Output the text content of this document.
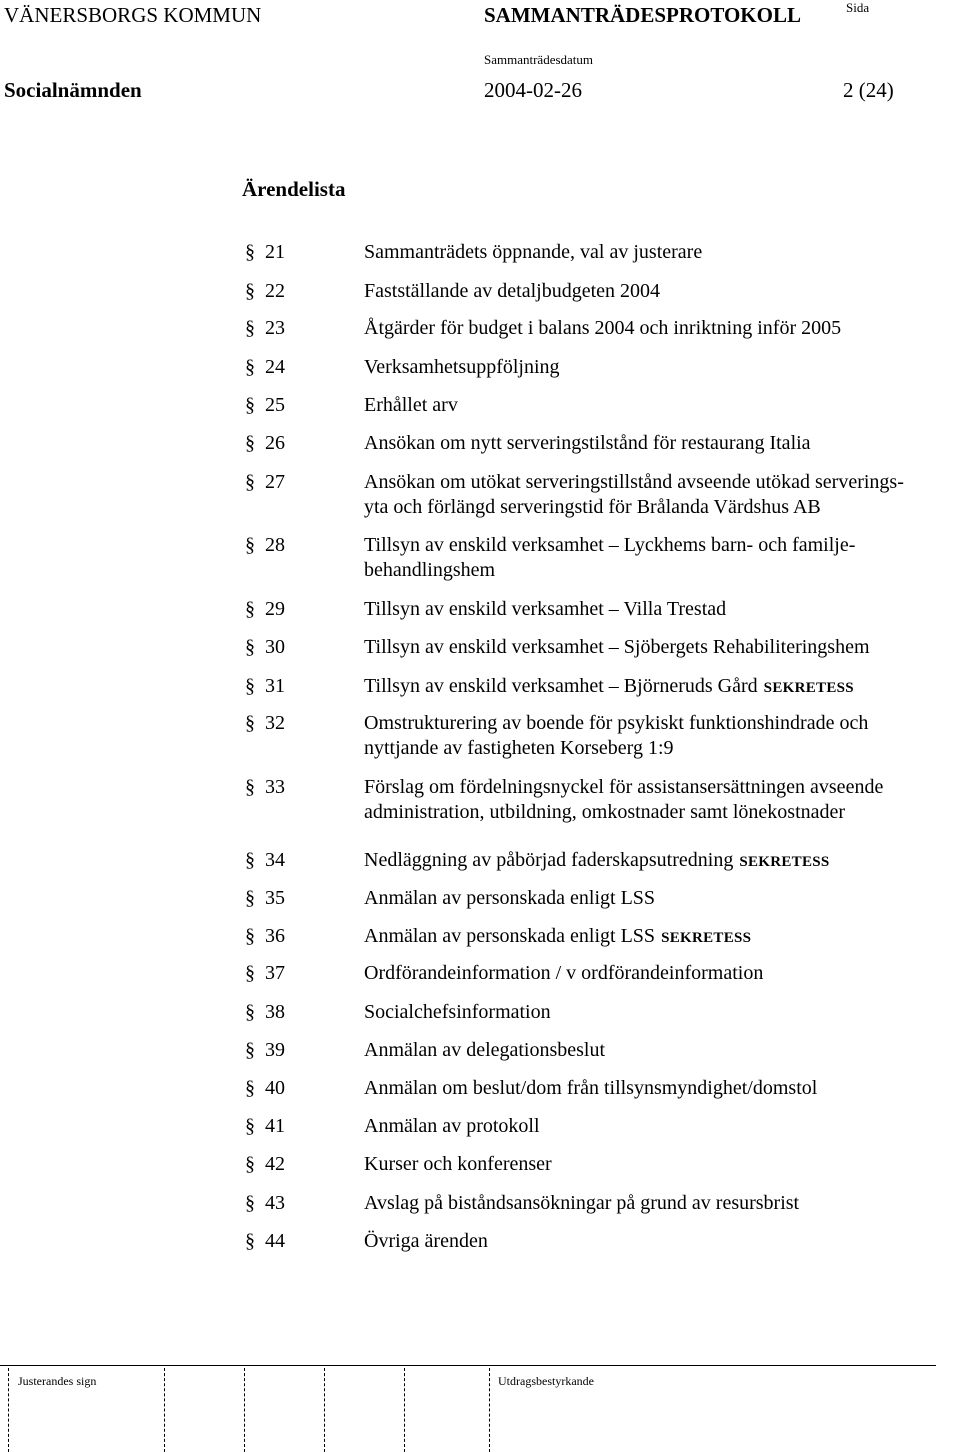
VÄNERSBORGS KOMMUN	SAMMANTRÄDESPROTOKOLL	Sida
Sammanträdesdatum
Socialnämnden	2004-02-26	2 (24)
Ärendelista
§ 21	Sammanträdets öppnande, val av justerare
§ 22	Fastställande av detaljbudgeten 2004
§ 23	Åtgärder för budget i balans 2004 och inriktning inför 2005
§ 24	Verksamhetsuppföljning
§ 25	Erhållet arv
§ 26	Ansökan om nytt serveringstilstånd för restaurang Italia
§ 27	Ansökan om utökat serveringstillstånd avseende utökad serverings-
yta och förlängd serveringstid för Brålanda Värdshus AB
§ 28	Tillsyn av enskild verksamhet – Lyckhems barn- och familje-
behandlingshem
§ 29	Tillsyn av enskild verksamhet – Villa Trestad
§ 30	Tillsyn av enskild verksamhet – Sjöbergets Rehabiliteringshem
§ 31	Tillsyn av enskild verksamhet – Björneruds Gård SEKRETESS
§ 32	Omstrukturering av boende för psykiskt funktionshindrade och
nyttjande av fastigheten Korseberg 1:9
§ 33	Förslag om fördelningsnyckel för assistansersättningen avseende
administration, utbildning, omkostnader samt lönekostnader
§ 34	Nedläggning av påbörjad faderskapsutredning SEKRETESS
§ 35	Anmälan av personskada enligt LSS
§ 36	Anmälan av personskada enligt LSS SEKRETESS
§ 37	Ordförandeinformation / v ordförandeinformation
§ 38	Socialchefsinformation
§ 39	Anmälan av delegationsbeslut
§ 40	Anmälan om beslut/dom från tillsynsmyndighet/domstol
§ 41	Anmälan av protokoll
§ 42	Kurser och konferenser
§ 43	Avslag på biståndsansökningar på grund av resursbrist
§ 44	Övriga ärenden
Justerandes sign	Utdragsbestyrkande
